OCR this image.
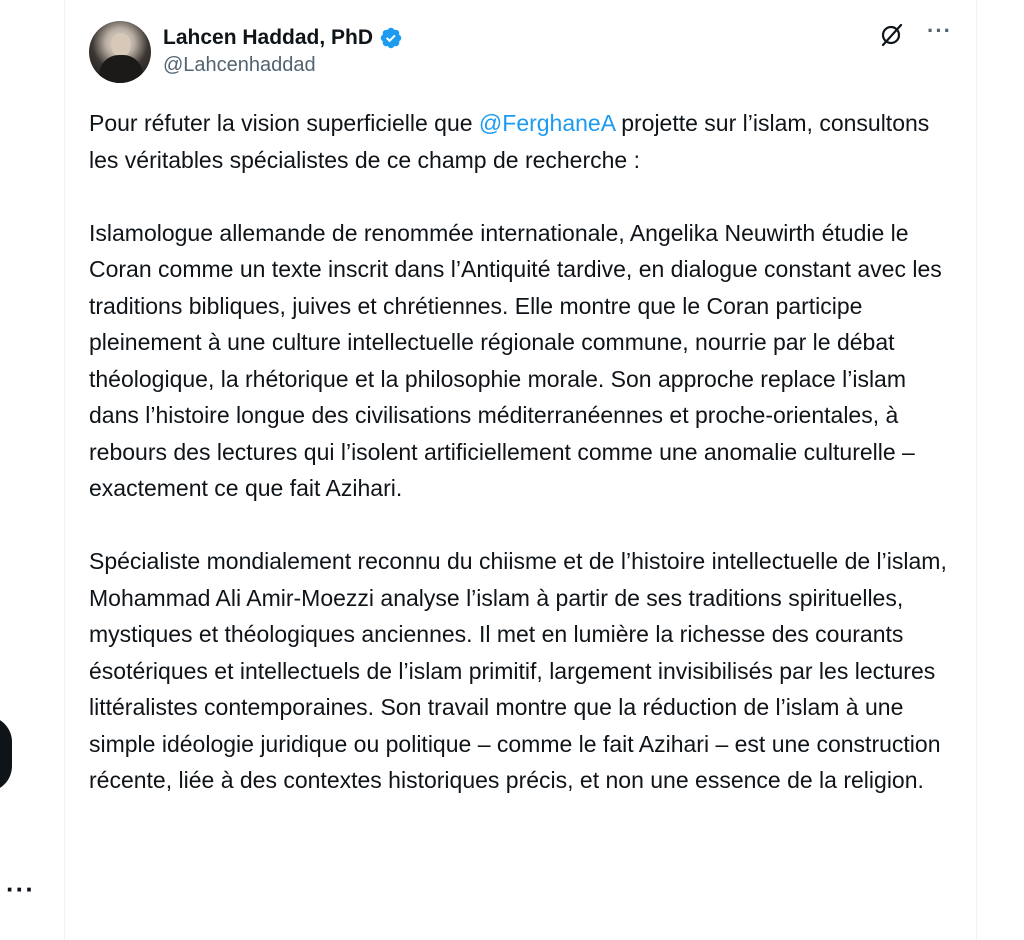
···
Lahcen Haddad, PhD
@Lahcenhaddad
···

Pour réfuter la vision superficielle que @FerghaneA projette sur l’islam, consultons les véritables spécialistes de ce champ de recherche :

Islamologue allemande de renommée internationale, Angelika Neuwirth étudie le Coran comme un texte inscrit dans l’Antiquité tardive, en dialogue constant avec les traditions bibliques, juives et chrétiennes. Elle montre que le Coran participe pleinement à une culture intellectuelle régionale commune, nourrie par le débat théologique, la rhétorique et la philosophie morale. Son approche replace l’islam dans l’histoire longue des civilisations méditerranéennes et proche-orientales, à rebours des lectures qui l’isolent artificiellement comme une anomalie culturelle – exactement ce que fait Azihari.

Spécialiste mondialement reconnu du chiisme et de l’histoire intellectuelle de l’islam, Mohammad Ali Amir-Moezzi analyse l’islam à partir de ses traditions spirituelles, mystiques et théologiques anciennes. Il met en lumière la richesse des courants ésotériques et intellectuels de l’islam primitif, largement invisibilisés par les lectures littéralistes contemporaines. Son travail montre que la réduction de l’islam à une simple idéologie juridique ou politique – comme le fait Azihari – est une construction récente, liée à des contextes historiques précis, et non une essence de la religion.
